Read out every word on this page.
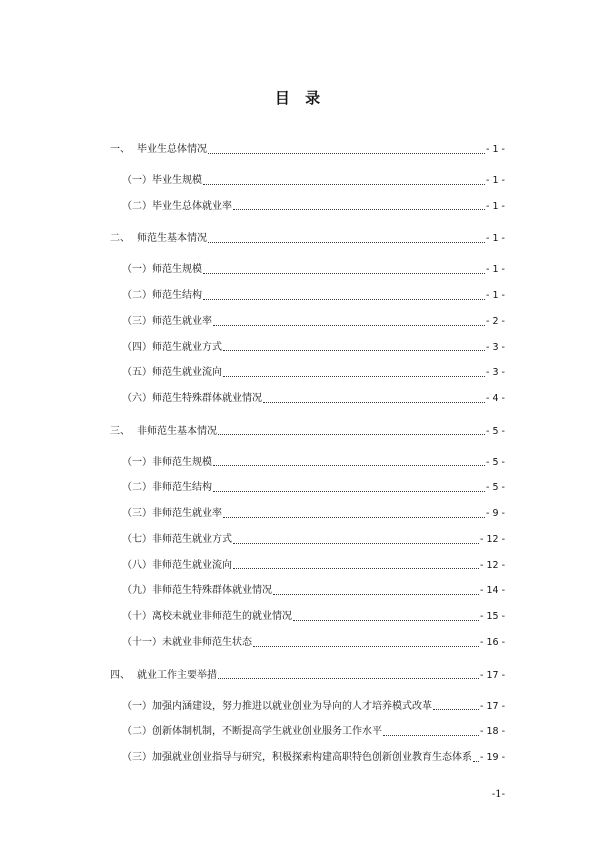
目 录
一、 毕业生总体情况	- 1 -
（一） 毕业生规模	- 1 -
（二） 毕业生总体就业率	- 1 -
二、 师范生基本情况	- 1 -
（一） 师范生规模	- 1 -
（二） 师范生结构	- 1 -
（三） 师范生就业率	- 2 -
（四） 师范生就业方式	- 3 -
（五） 师范生就业流向	- 3 -
（六） 师范生特殊群体就业情况	- 4 -
三、 非师范生基本情况	- 5 -
（一） 非师范生规模	- 5 -
（二） 非师范生结构	- 5 -
（三） 非师范生就业率	- 9 -
（七） 非师范生就业方式	- 12 -
（八） 非师范生就业流向	- 12 -
（九） 非师范生特殊群体就业情况	- 14 -
（十） 离校未就业非师范生的就业情况	- 15 -
（十一） 未就业非师范生状态	- 16 -
四、 就业工作主要举措	- 17 -
（一） 加强内涵建设，努力推进以就业创业为导向的人才培养模式改革	- 17 -
（二） 创新体制机制，不断提高学生就业创业服务工作水平	- 18 -
（三） 加强就业创业指导与研究，积极探索构建高职特色创新创业教育生态体系 - 19 -
-1-
